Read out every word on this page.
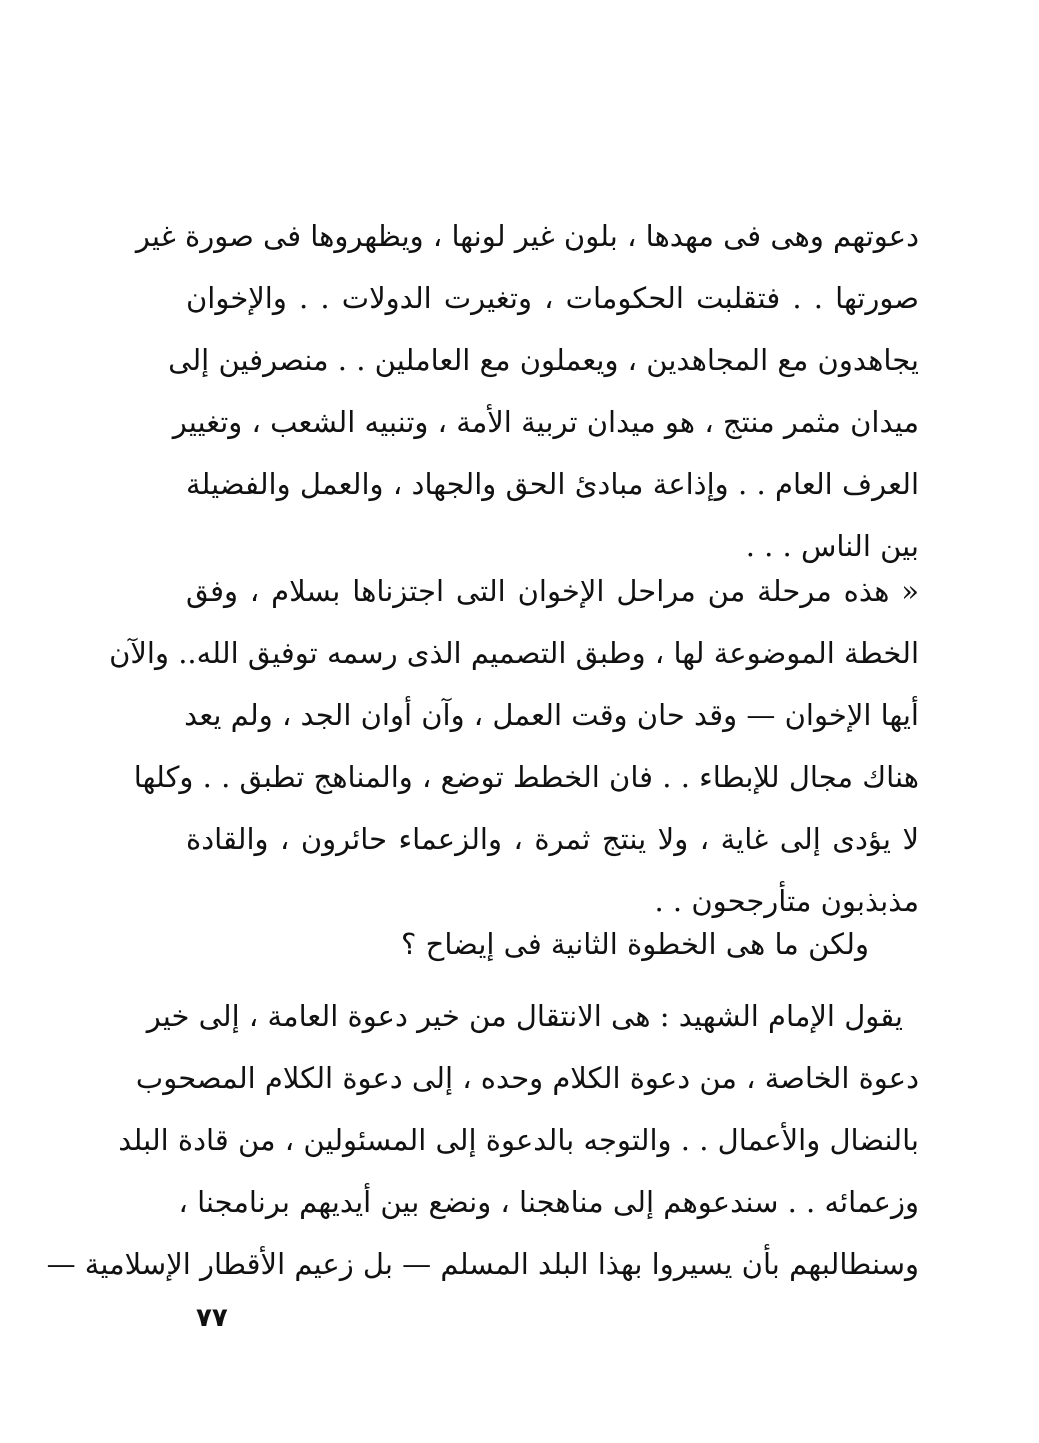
دعوتهم وهى فى مهدها ، بلون غير لونها ، ويظهروها فى صورة غير
صورتها . . فتقلبت الحكومات ، وتغيرت الدولات . . والإخوان
يجاهدون مع المجاهدين ، ويعملون مع العاملين . . منصرفين إلى
ميدان مثمر منتج ، هو ميدان تربية الأمة ، وتنبيه الشعب ، وتغيير
العرف العام . . وإذاعة مبادئ الحق والجهاد ، والعمل والفضيلة
بين الناس . . .
« هذه مرحلة من مراحل الإخوان التى اجتزناها بسلام ، وفق
الخطة الموضوعة لها ، وطبق التصميم الذى رسمه توفيق الله.. والآن
أيها الإخوان — وقد حان وقت العمل ، وآن أوان الجد ، ولم يعد
هناك مجال للإبطاء . . فان الخطط توضع ، والمناهج تطبق . . وكلها
لا يؤدى إلى غاية ، ولا ينتج ثمرة ، والزعماء حائرون ، والقادة
مذبذبون متأرجحون . .
ولكن ما هى الخطوة الثانية فى إيضاح ؟
يقول الإمام الشهيد : هى الانتقال من خير دعوة العامة ، إلى خير
دعوة الخاصة ، من دعوة الكلام وحده ، إلى دعوة الكلام المصحوب
بالنضال والأعمال . . والتوجه بالدعوة إلى المسئولين ، من قادة البلد
وزعمائه . . سندعوهم إلى مناهجنا ، ونضع بين أيديهم برنامجنا ،
وسنطالبهم بأن يسيروا بهذا البلد المسلم — بل زعيم الأقطار الإسلامية —
٧٧
